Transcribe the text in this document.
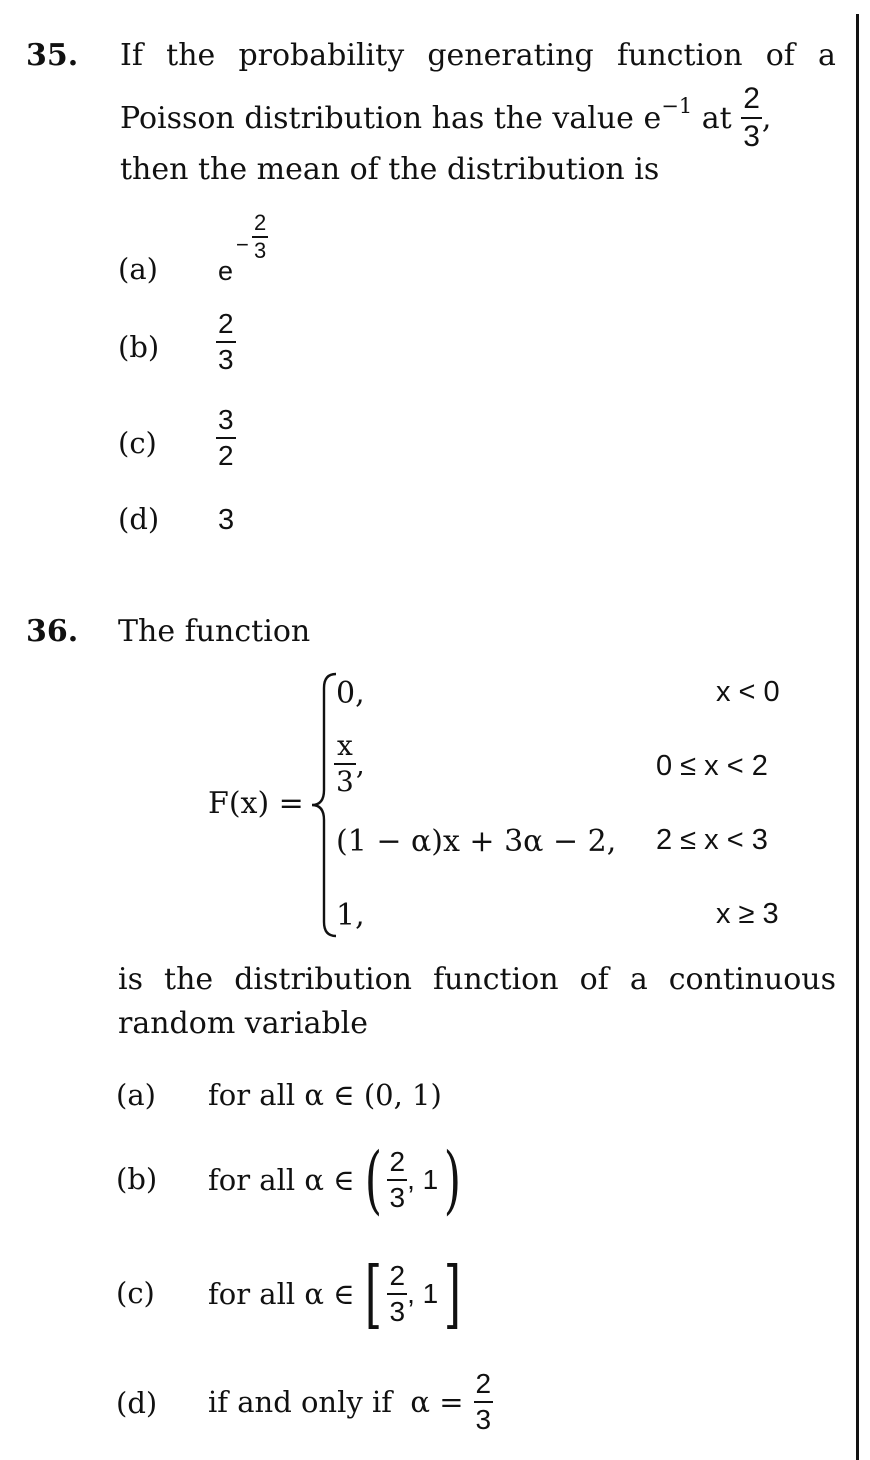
35. If the probability generating function of a
Poisson distribution has the value $e^{-1}$ at $\frac{2}{3}$ ,
then the mean of the distribution is
(a) e
− $\frac{2}{3}$
$(b) \frac{2}{3}$
$(c) \frac{3}{2}$
(d) 3
36. The function
F(x) =
0,	x < 0
$\frac{x}{3}$ ,	0 ≤ x < 2
(1 − α)x + 3α − 2, 2 ≤ x < 3
1,	x ≥ 3
is the distribution function of a continuous
random variable
(a) for all α ∈ (0, 1)
(b) for all α ∈ ( $\frac{2}{3}$ , 1 )
(c) for all α ∈ [ $\frac{2}{3}$ , 1 ]
(d) if and only if  $\alpha = \frac{2}{3}$
